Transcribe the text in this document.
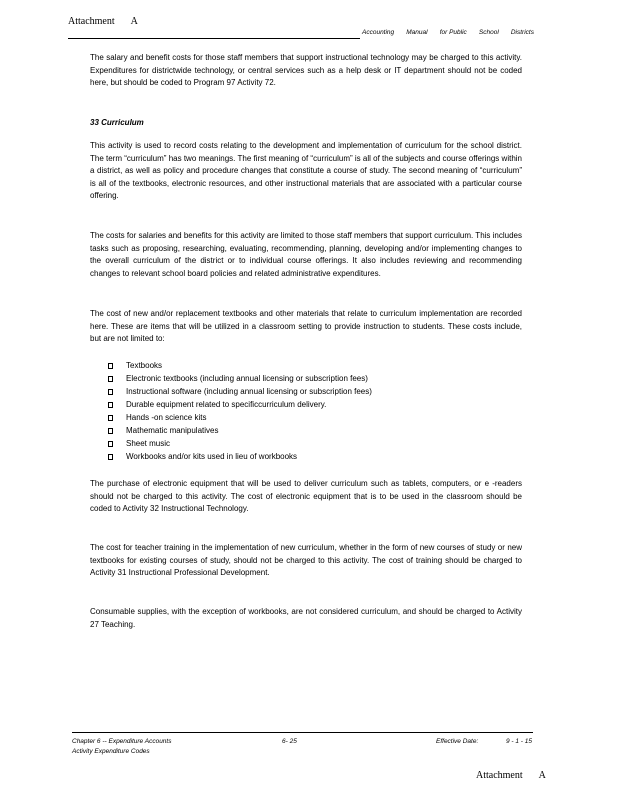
Attachment A
Accounting Manual for Public School Districts

The salary and benefit costs for those staff members that support instructional technology may be charged to this activity. Expenditures for districtwide technology, or central services such as a help desk or IT department should not be coded here, but should be coded to Program 97 Activity 72.

33 Curriculum

This activity is used to record costs relating to the development and implementation of curriculum for the school district. The term “curriculum” has two meanings. The first meaning of “curriculum” is all of the subjects and course offerings within a district, as well as policy and procedure changes that constitute a course of study. The second meaning of “curriculum” is all of the textbooks, electronic resources, and other instructional materials that are associated with a particular course offering.

The costs for salaries and benefits for this activity are limited to those staff members that support curriculum. This includes tasks such as proposing, researching, evaluating, recommending, planning, developing and/or implementing changes to the overall curriculum of the district or to individual course offerings. It also includes reviewing and recommending changes to relevant school board policies and related administrative expenditures.

The cost of new and/or replacement textbooks and other materials that relate to curriculum implementation are recorded here. These are items that will be utilized in a classroom setting to provide instruction to students. These costs include, but are not limited to:

Textbooks
Electronic textbooks (including annual licensing or subscription fees)
Instructional software (including annual licensing or subscription fees)
Durable equipment related to specificcurriculum delivery.
Hands -on science kits
Mathematic manipulatives
Sheet music
Workbooks and/or kits used in lieu of workbooks

The purchase of electronic equipment that will be used to deliver curriculum such as tablets, computers, or e -readers should not be charged to this activity. The cost of electronic equipment that is to be used in the classroom should be coded to Activity 32 Instructional Technology.

The cost for teacher training in the implementation of new curriculum, whether in the form of new courses of study or new textbooks for existing courses of study, should not be charged to this activity. The cost of training should be charged to Activity 31 Instructional Professional Development.

Consumable supplies, with the exception of workbooks, are not considered curriculum, and should be charged to Activity 27 Teaching.

Chapter 6 -- Expenditure Accounts
Activity Expenditure Codes
6- 25	Effective Date:	9 - 1 - 15
Attachment A
